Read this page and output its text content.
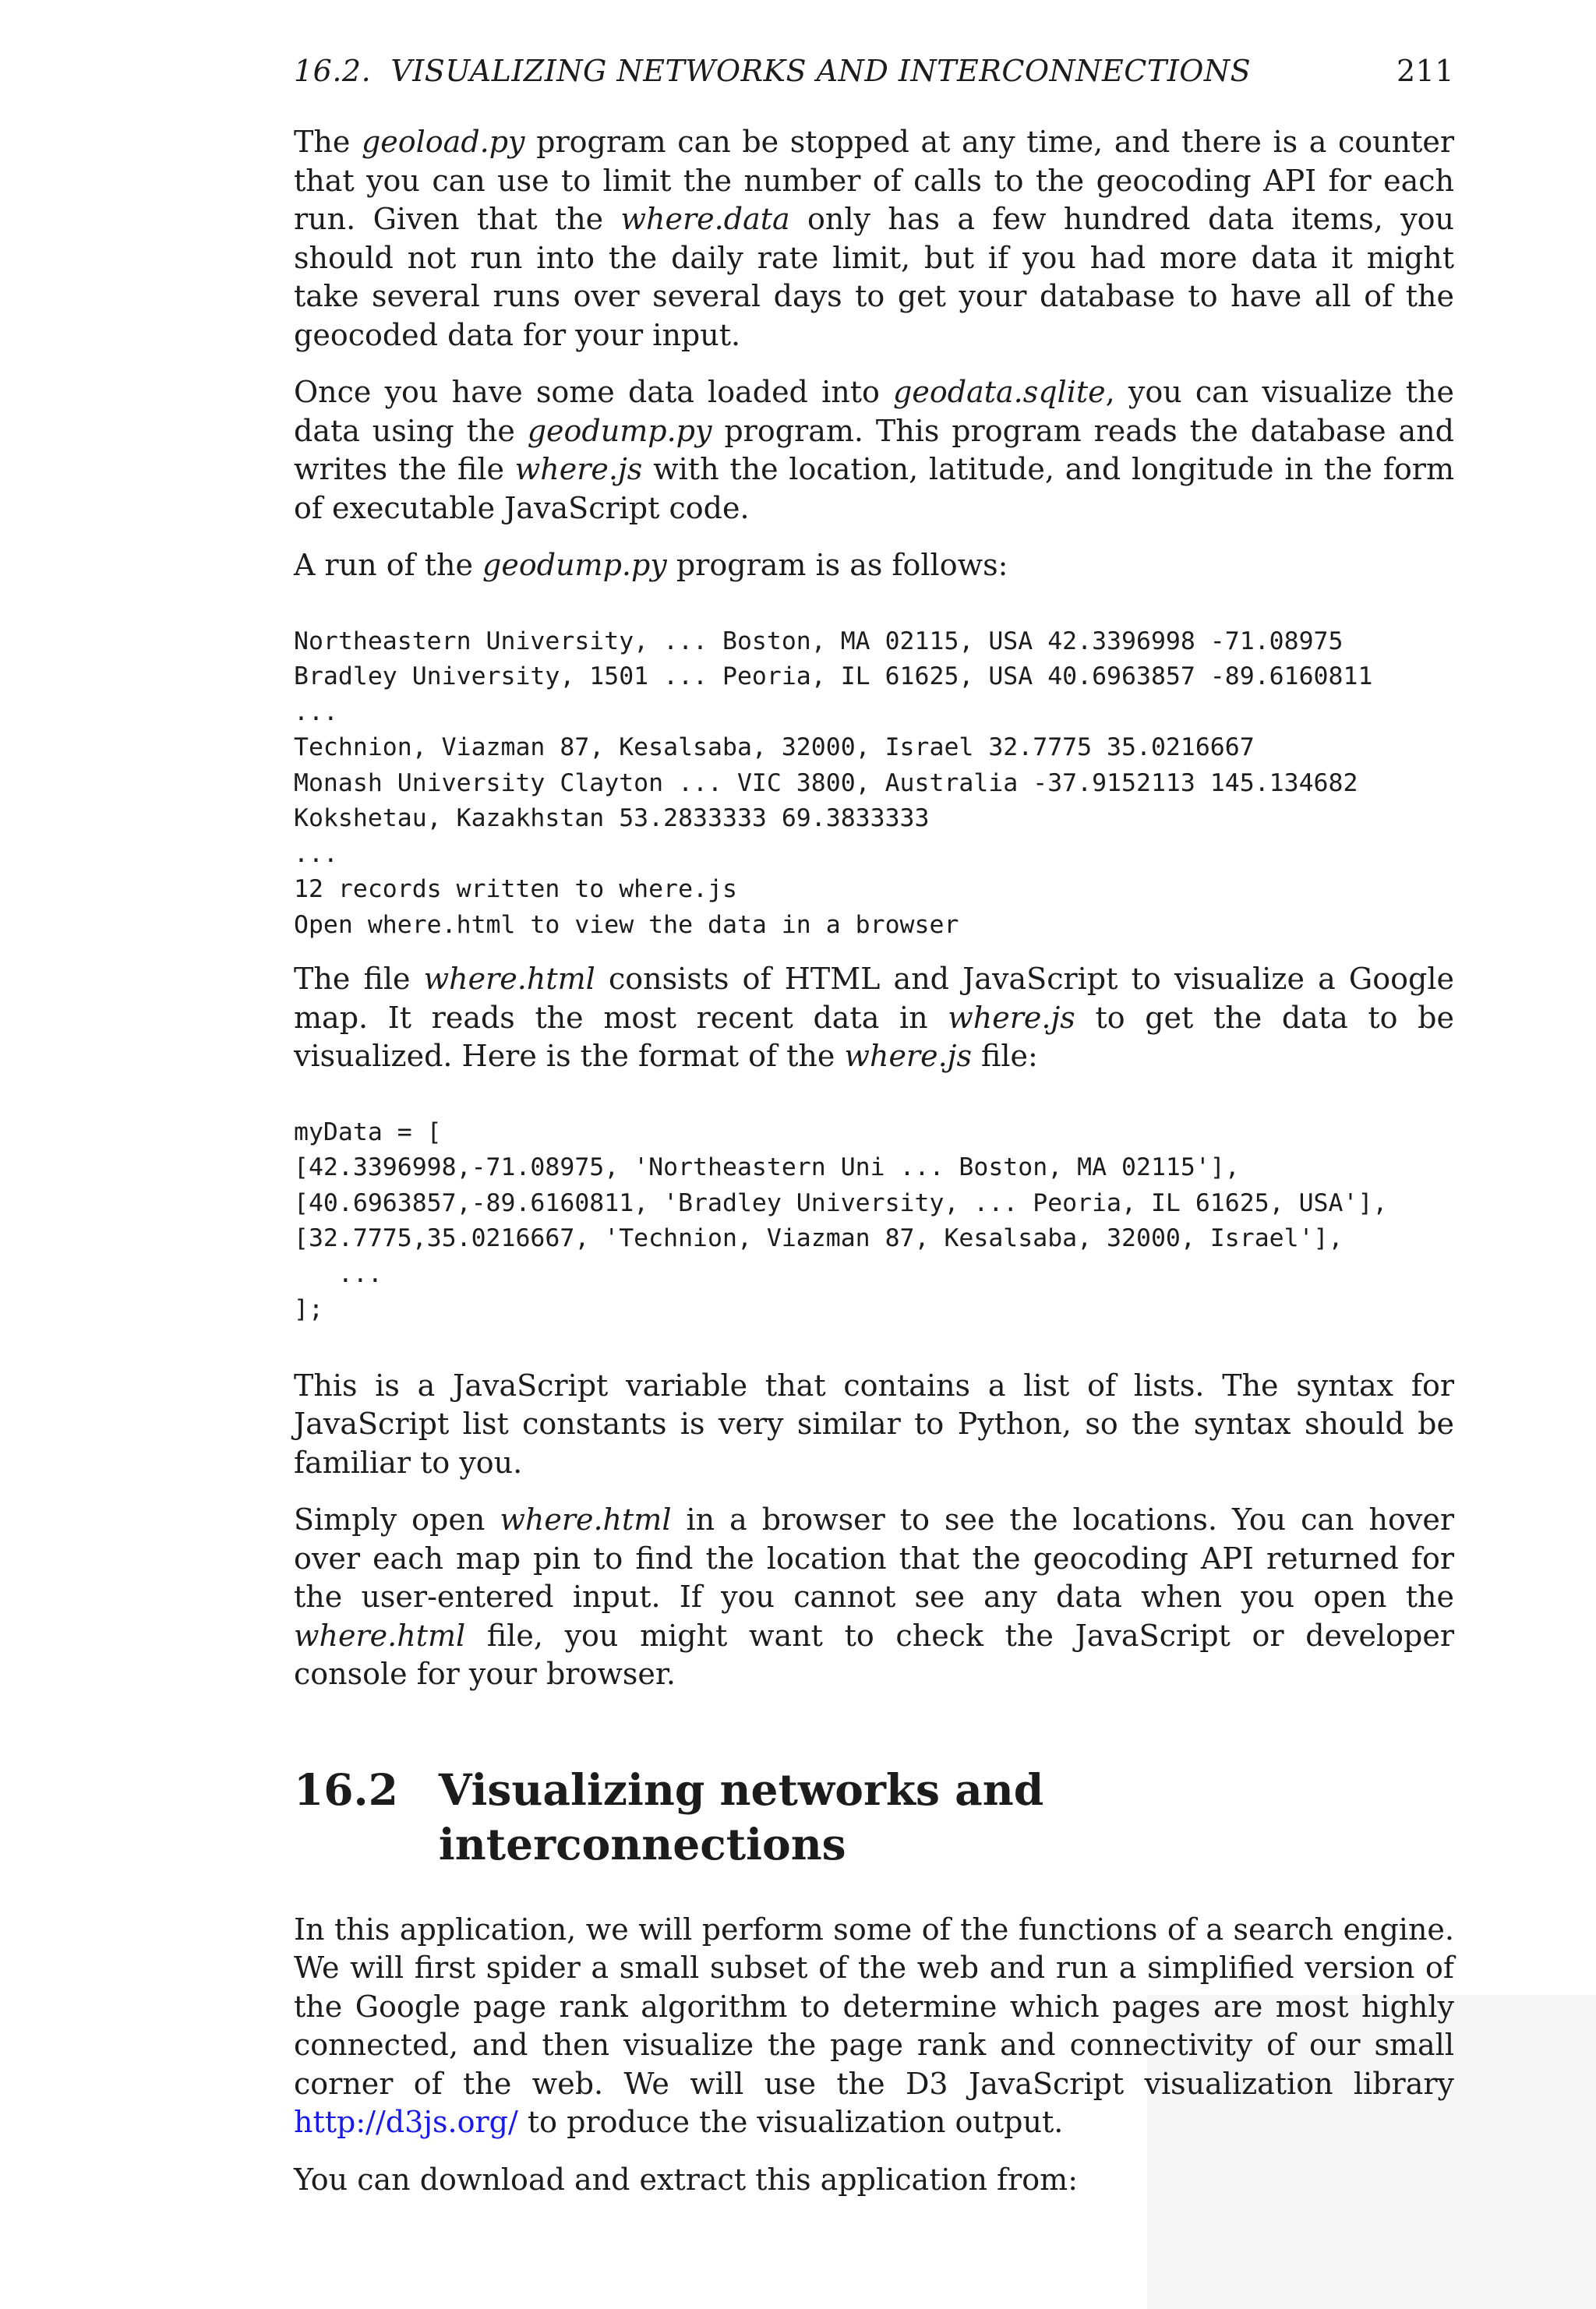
16.2.  VISUALIZING NETWORKS AND INTERCONNECTIONS	211

The geoload.py program can be stopped at any time, and there is a counter that you can use to limit the number of calls to the geocoding API for each run. Given that the where.data only has a few hundred data items, you should not run into the daily rate limit, but if you had more data it might take several runs over several days to get your database to have all of the geocoded data for your input.

Once you have some data loaded into geodata.sqlite, you can visualize the data using the geodump.py program. This program reads the database and writes the file where.js with the location, latitude, and longitude in the form of executable JavaScript code.

A run of the geodump.py program is as follows:

Northeastern University, ... Boston, MA 02115, USA 42.3396998 -71.08975
Bradley University, 1501 ... Peoria, IL 61625, USA 40.6963857 -89.6160811
...
Technion, Viazman 87, Kesalsaba, 32000, Israel 32.7775 35.0216667
Monash University Clayton ... VIC 3800, Australia -37.9152113 145.134682
Kokshetau, Kazakhstan 53.2833333 69.3833333
...
12 records written to where.js
Open where.html to view the data in a browser

The file where.html consists of HTML and JavaScript to visualize a Google map. It reads the most recent data in where.js to get the data to be visualized. Here is the format of the where.js file:

myData = [
[42.3396998,-71.08975, 'Northeastern Uni ... Boston, MA 02115'],
[40.6963857,-89.6160811, 'Bradley University, ... Peoria, IL 61625, USA'],
[32.7775,35.0216667, 'Technion, Viazman 87, Kesalsaba, 32000, Israel'],
...
];

This is a JavaScript variable that contains a list of lists. The syntax for JavaScript list constants is very similar to Python, so the syntax should be familiar to you.

Simply open where.html in a browser to see the locations. You can hover over each map pin to find the location that the geocoding API returned for the user-entered input. If you cannot see any data when you open the where.html file, you might want to check the JavaScript or developer console for your browser.

16.2 Visualizing networks and interconnections

In this application, we will perform some of the functions of a search engine. We will first spider a small subset of the web and run a simplified version of the Google page rank algorithm to determine which pages are most highly connected, and then visualize the page rank and connectivity of our small corner of the web. We will use the D3 JavaScript visualization library http://d3js.org/ to produce the visualization output.

You can download and extract this application from:
